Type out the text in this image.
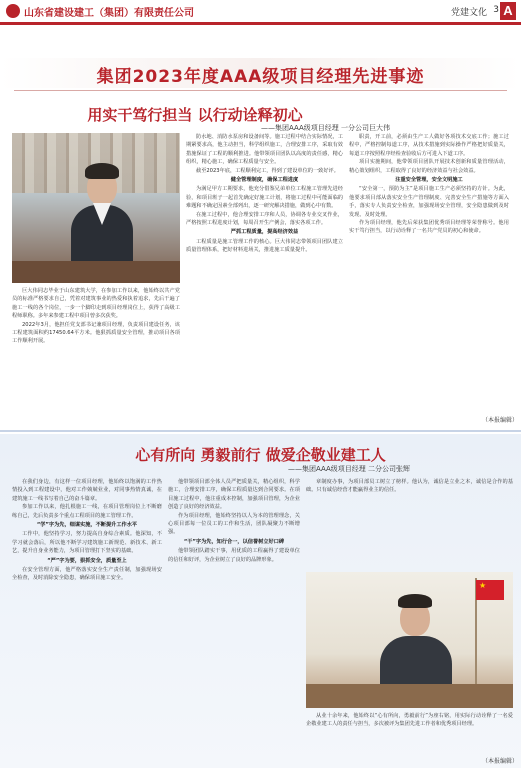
山东省建设建工（集团）有限责任公司	党建文化 3 A
集团2023年度AAA级项目经理先进事迹
用实干笃行担当 以行动诠释初心
——集团AAA级项目经理 一分公司巨大伟

巨大伟同志毕业于山东建筑大学，在参加工作以来，他始终以共产党员的标准严格要求自己，凭着对建筑事业的热爱和执着追求，先后干遍了施工一线的各个岗位，一步一个脚印走到项目经理岗位上，获得了高级工程师职称。多年来参建工程中项目曾多次获奖。

2022年3月，他担任党支部书记兼项目经理，负责项目建设任务，该工程建筑面积约17450.64平方米。他狠抓质量安全管理，推动项目各项工作顺利开展。

防水地、消防水泵房和设备间等。施工过程中结合实际情况，工期紧要求高，他主动担当，科学组织施工，合理安排工序，采取有效措施保证了工程的顺利推进。他带领项目团队以高度的责任感，精心组织，精心施工，确保工程质量与安全。

截至2023年底，工程顺利完工，得到了建设单位的一致好评。

健全管理制度，确保工程进度

为满足甲方工期要求，他充分借鉴兄弟单位工程施工管理先进经验，和项目班子一起首先确定好施工计划，将施工过程中可能面临的难题和不确定因素全部列出，逐一研究解决措施，做到心中有数。

在施工过程中，他合理安排工序和人员，协调各专业交叉作业，严格按照工程进度计划，每周召开生产例会，落实各项工作。

严抓工程质量，提高经济效益

工程质量是施工管理工作的核心。巨大伟同志带领项目团队建立质量管理体系，把好材料进场关，推进施工质量提升。

职责，开工前，必须由生产工人做好各项技术交底工作；施工过程中，严格控制每道工序，从技术措施到实际操作严格把好质量关，每道工序按照程序经检查验收后方可进入下道工序。

项目实施期间，他带领项目团队开展技术创新和质量管理活动，精心策划组织，工程取得了良好的经济效益与社会效益。

注重安全管理，安全文明施工

“安全第一，预防为主”是项目施工生产必须坚持的方针。为此，他要求项目部从落实安全生产管理制度、完善安全生产措施等方面入手，落实专人负责安全检查，加强现场安全管理，安全隐患做到及时发现、及时处理。

作为项目经理，他先后荣获集团优秀项目经理等荣誉称号。他用实干笃行担当，以行动诠释了一名共产党员的初心和使命。

（本报编辑）
心有所向 勇毅前行 做爱企敬业建工人
——集团AAA级项目经理 二分公司张辉

在我们身边，有这样一位项目经理，他始终以饱满的工作热情投入到工程建设中，他对工作兢兢业业，对同事热情真诚，在建筑施工一线书写着自己的奋斗篇章。

参加工作以来，他扎根施工一线，在项目管理岗位上不断磨练自己，先后负责多个重点工程项目的施工管理工作。

“学”字为先，细谋实施，不断提升工作水平

工作中，他坚持学习，努力提高自身综合素质。他深知，不学习就会落后，所以他不断学习建筑施工新规范、新技术、新工艺，提升自身业务能力，为项目管理打下坚实的基础。

“严”字为要，狠抓安全，质量至上

在安全管理方面，他严格落实安全生产责任制，加强现场安全检查，及时消除安全隐患，确保项目施工安全。

他带领项目部全体人员严把质量关，精心组织，科学施工，合理安排工序，确保工程质量达到合同要求。在项目施工过程中，他注重成本控制，加强项目管理，为企业创造了良好的经济效益。

作为项目经理，他始终坚持以人为本的管理理念，关心项目部每一位员工的工作和生活，团队凝聚力不断增强。

“干”字为先，知行合一，以信誉树立好口碑

他带领团队踏实干事，用优质的工程赢得了建设单位的信任和好评，为企业树立了良好的品牌形象。

★

章制度办事，为项目部员工树立了榜样。他认为，诚信是立业之本，诚信是合作的基础。只有诚信经营才能赢得业主的信任。

从业十余年来，他始终以“心有所向，勇毅前行”为座右铭，用实际行动诠释了一名爱企敬业建工人的责任与担当，多次被评为集团先进工作者和优秀项目经理。

（本报编辑）
